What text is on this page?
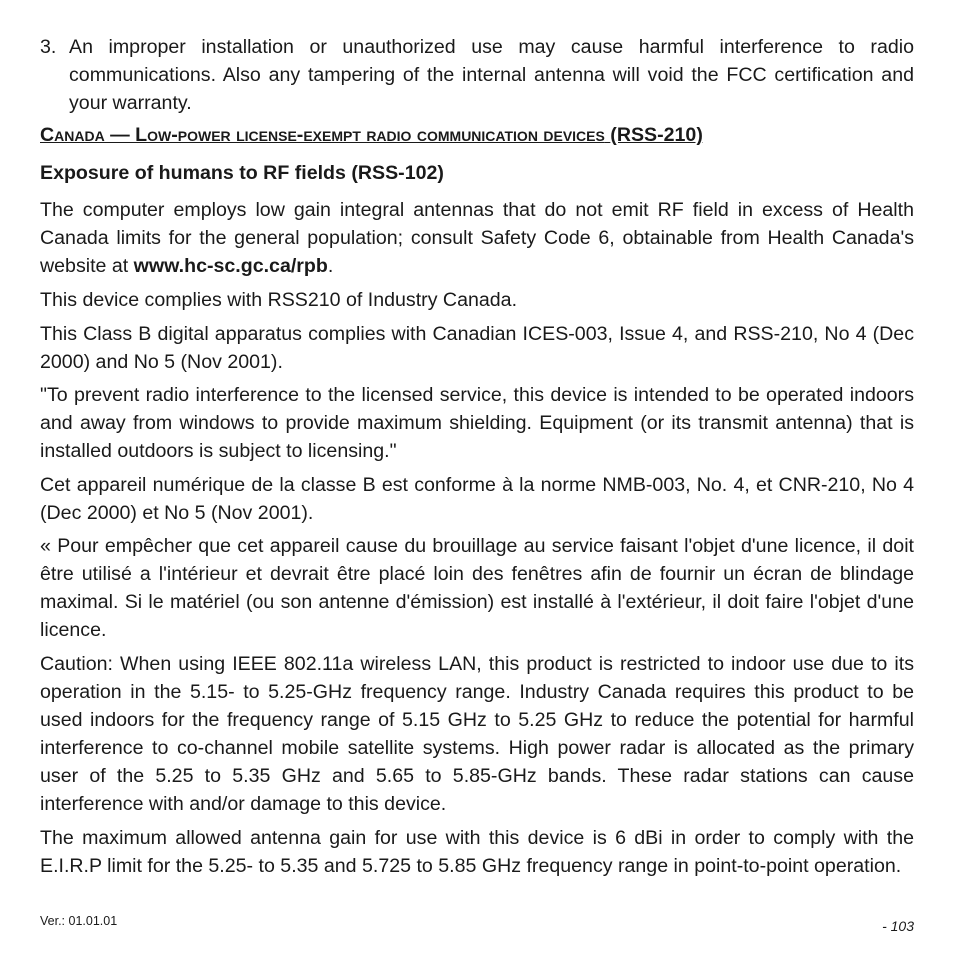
3. An improper installation or unauthorized use may cause harmful interference to radio communications. Also any tampering of the internal antenna will void the FCC certification and your warranty.

Canada — Low-power license-exempt radio communication devices (RSS-210)

Exposure of humans to RF fields (RSS-102)

The computer employs low gain integral antennas that do not emit RF field in excess of Health Canada limits for the general population; consult Safety Code 6, obtainable from Health Canada's website at www.hc-sc.gc.ca/rpb.

This device complies with RSS210 of Industry Canada.

This Class B digital apparatus complies with Canadian ICES-003, Issue 4, and RSS-210, No 4 (Dec 2000) and No 5 (Nov 2001).

"To prevent radio interference to the licensed service, this device is intended to be operated indoors and away from windows to provide maximum shielding. Equipment (or its transmit antenna) that is installed outdoors is subject to licensing."

Cet appareil numérique de la classe B est conforme à la norme NMB-003, No. 4, et CNR-210, No 4 (Dec 2000) et No 5 (Nov 2001).

« Pour empêcher que cet appareil cause du brouillage au service faisant l'objet d'une licence, il doit être utilisé a l'intérieur et devrait être placé loin des fenêtres afin de fournir un écran de blindage maximal. Si le matériel (ou son antenne d'émission) est installé à l'extérieur, il doit faire l'objet d'une licence.

Caution: When using IEEE 802.11a wireless LAN, this product is restricted to indoor use due to its operation in the 5.15- to 5.25-GHz frequency range. Industry Canada requires this product to be used indoors for the frequency range of 5.15 GHz to 5.25 GHz to reduce the potential for harmful interference to co-channel mobile satellite systems. High power radar is allocated as the primary user of the 5.25 to 5.35 GHz and 5.65 to 5.85-GHz bands. These radar stations can cause interference with and/or damage to this device.

The maximum allowed antenna gain for use with this device is 6 dBi in order to comply with the E.I.R.P limit for the 5.25- to 5.35 and 5.725 to 5.85 GHz frequency range in point-to-point operation.

Ver.: 01.01.01	- 103
